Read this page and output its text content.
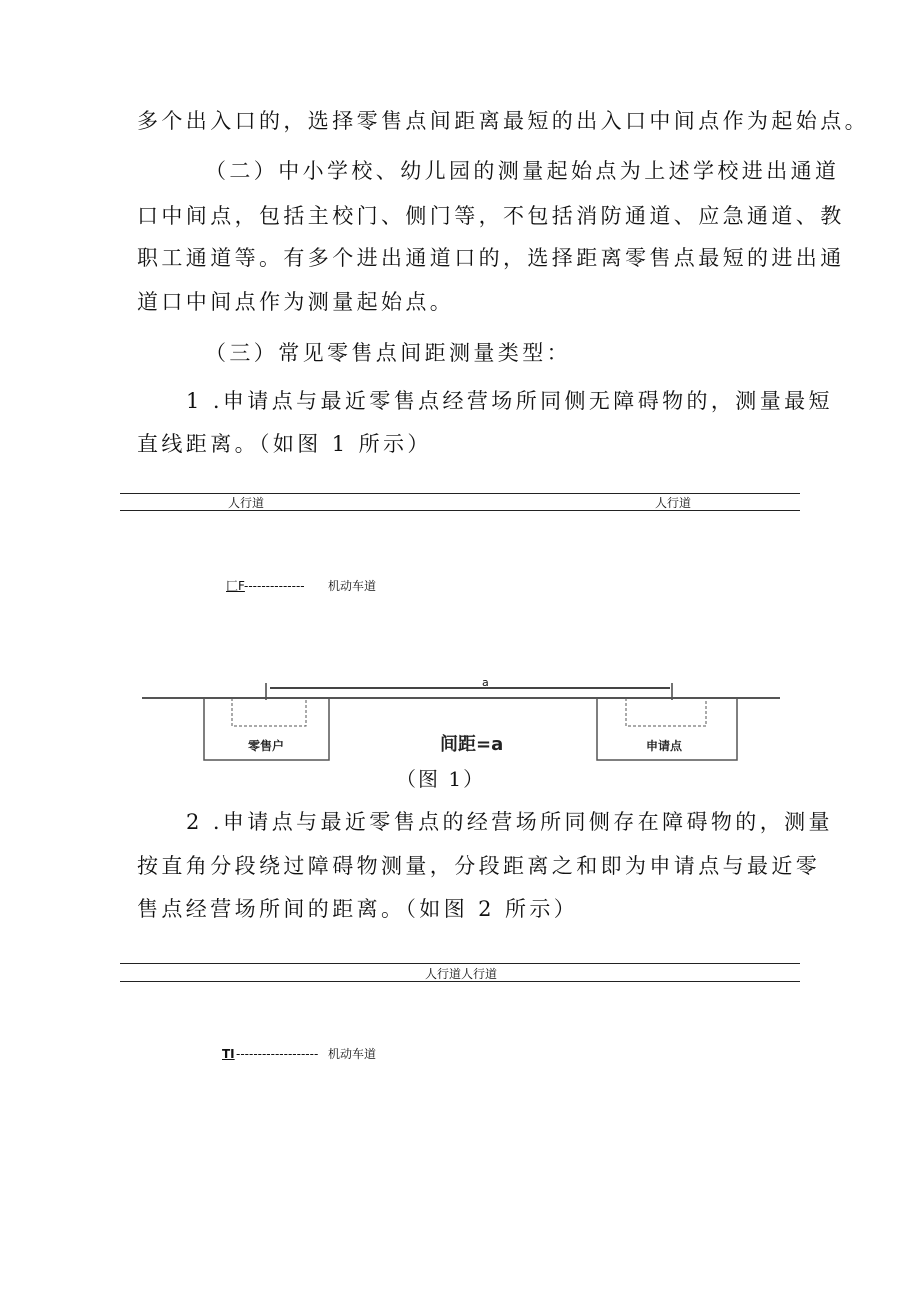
多个出入口的，选择零售点间距离最短的出入口中间点作为起始点。
（二）中小学校、幼儿园的测量起始点为上述学校进出通道
口中间点，包括主校门、侧门等，不包括消防通道、应急通道、教
职工通道等。有多个进出通道口的，选择距离零售点最短的进出通
道口中间点作为测量起始点。
（三）常见零售点间距测量类型：
1 .申请点与最近零售点经营场所同侧无障碍物的，测量最短
直线距离。（如图 1 所示）
人行道	人行道
匚F -------------- 机动车道
a
零售户	申请点
间距=a
（图 1）
2 .申请点与最近零售点的经营场所同侧存在障碍物的，测量
按直角分段绕过障碍物测量，分段距离之和即为申请点与最近零
售点经营场所间的距离。（如图 2 所示）
人行道人行道
TI ------------------- 机动车道
